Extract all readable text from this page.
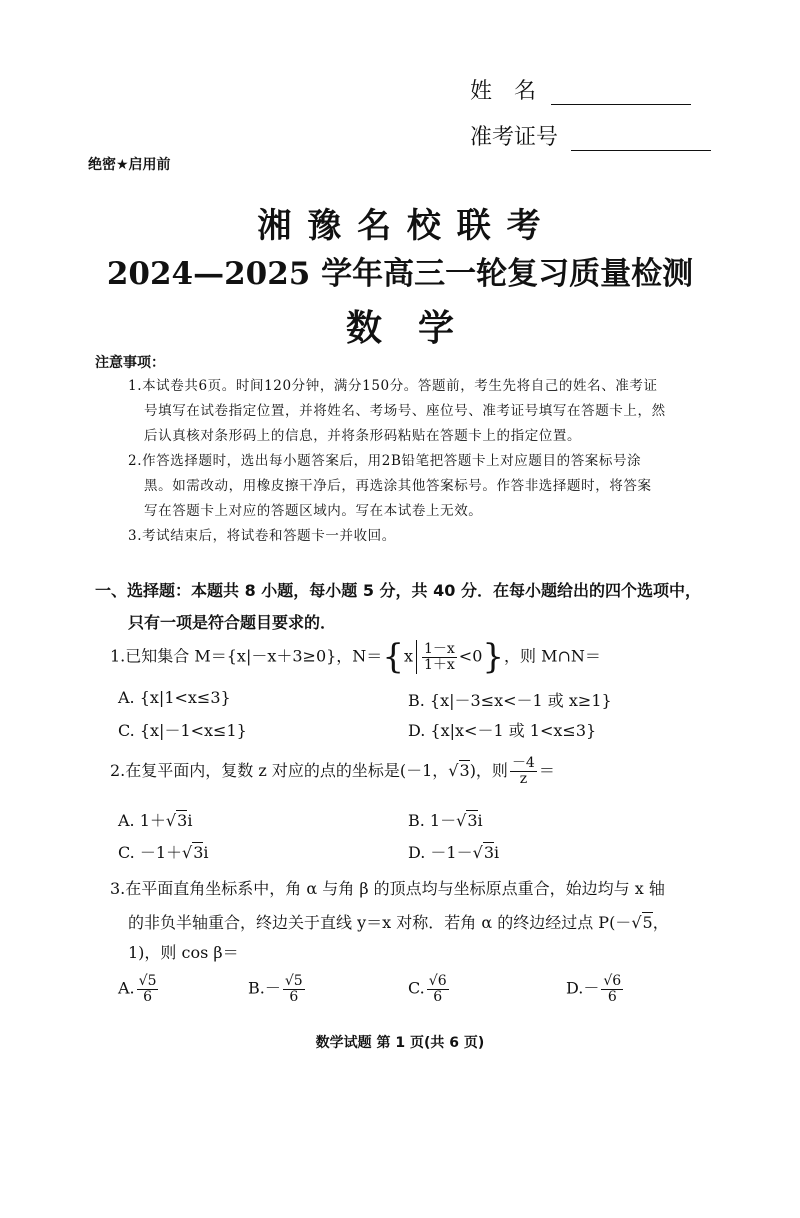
姓　名
准考证号
绝密★启用前
湘 豫 名 校 联 考
2024—2025 学年高三一轮复习质量检测
数　学
注意事项：
1.本试卷共6页。时间120分钟，满分150分。答题前，考生先将自己的姓名、准考证
号填写在试卷指定位置，并将姓名、考场号、座位号、准考证号填写在答题卡上，然
后认真核对条形码上的信息，并将条形码粘贴在答题卡上的指定位置。
2.作答选择题时，选出每小题答案后，用2B铅笔把答题卡上对应题目的答案标号涂
黑。如需改动，用橡皮擦干净后，再选涂其他答案标号。作答非选择题时，将答案
写在答题卡上对应的答题区域内。写在本试卷上无效。
3.考试结束后，将试卷和答题卡一并收回。
一、选择题：本题共 8 小题，每小题 5 分，共 40 分．在每小题给出的四个选项中，
只有一项是符合题目要求的．
1.已知集合 M＝{x|－x＋3≥0}，$N=\{x \frac{1-x}{1+x} <0\}$，则 M∩N＝
A. {x|1<x≤3}	B. {x|－3≤x<－1 或 x≥1}
C. {x|－1<x≤1}	D. {x|x<－1 或 1<x≤3}
2.在复平面内，复数 z 对应的点的坐标是(－1，√3)，则 $\frac{-4}{z}$ ＝
A. 1＋√3i	B. 1－√3i
C. －1＋√3i	D. －1－√3i
3.在平面直角坐标系中，角 α 与角 β 的顶点均与坐标原点重合，始边均与 x 轴
的非负半轴重合，终边关于直线 y＝x 对称．若角 α 的终边经过点 P(－√5，
1)，则 cos β＝
A. $\frac{√5}{6}$	$B.- \frac{√5}{6}$	C. $\frac{√6}{6}$	$D.- \frac{√6}{6}$
数学试题 第 1 页(共 6 页)
